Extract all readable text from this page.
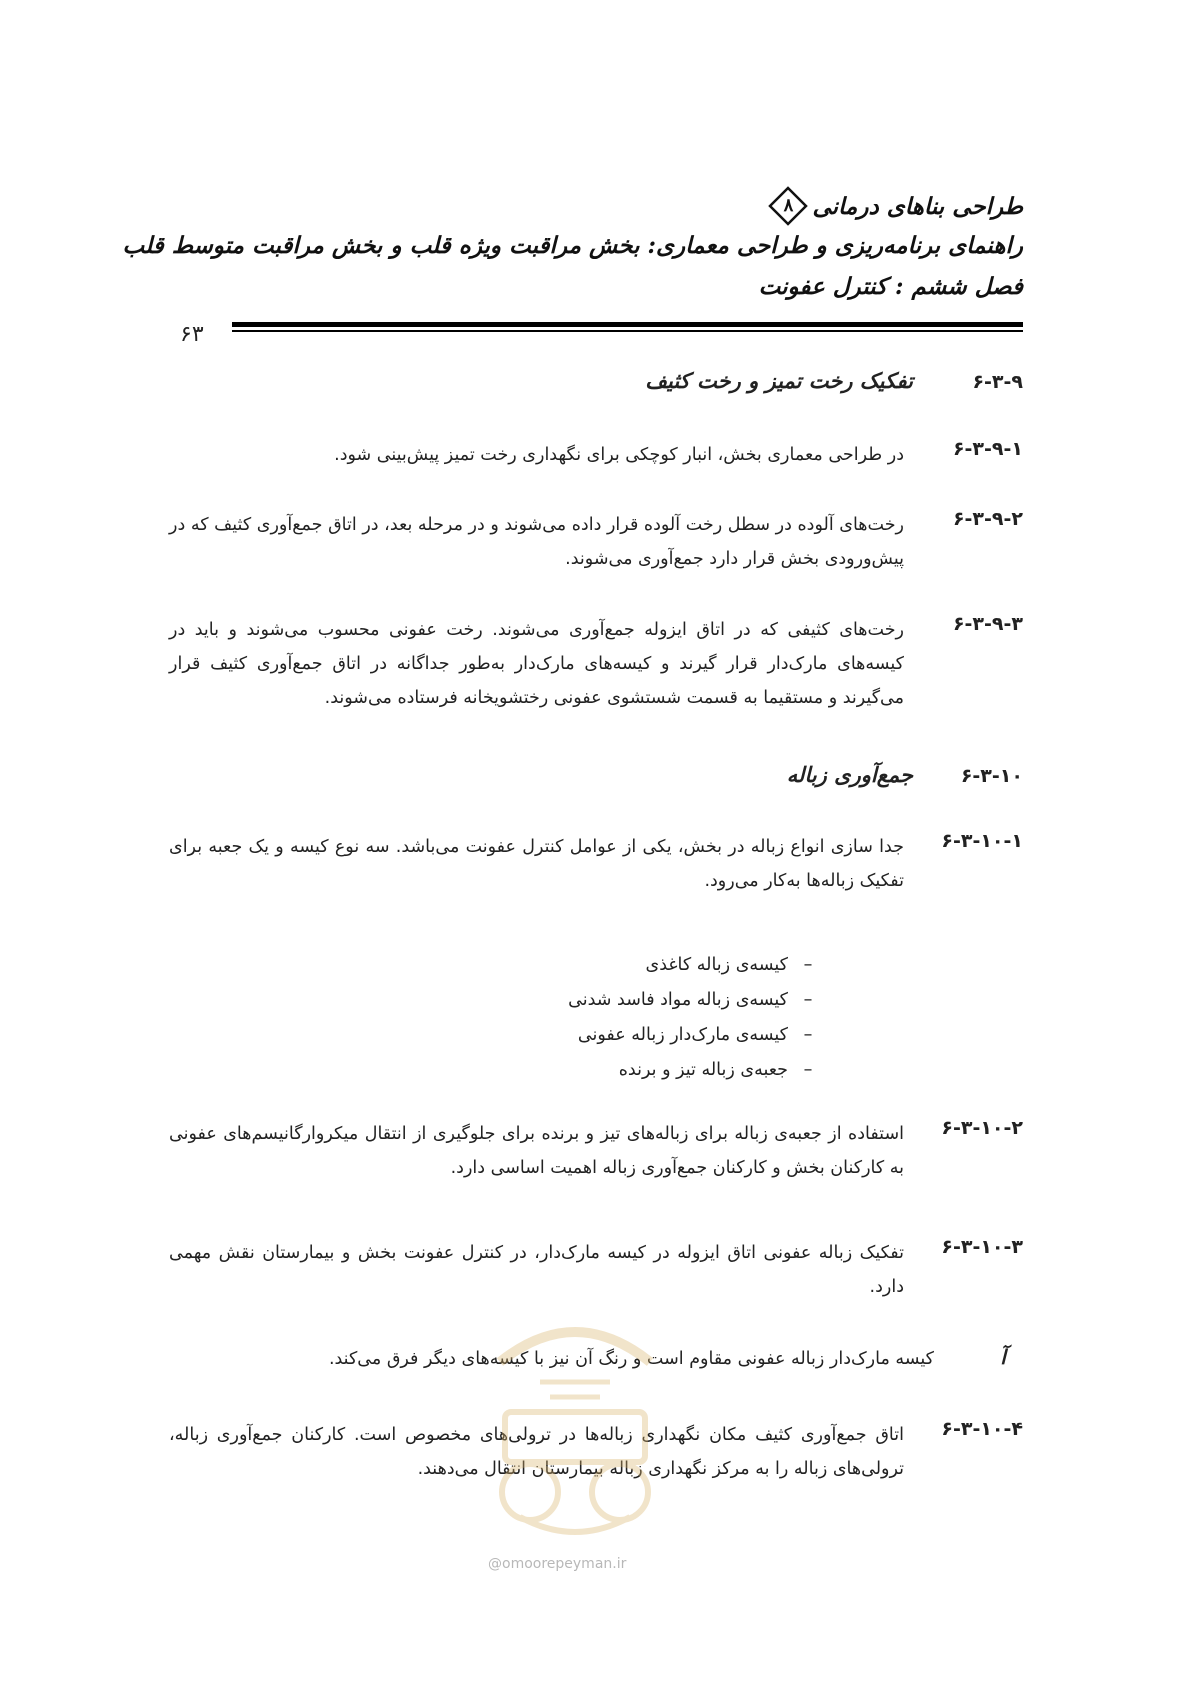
طراحی بناهای درمانی
۸
راهنمای برنامه‌ریزی و طراحی معماری: بخش مراقبت ویژه قلب و بخش مراقبت متوسط قلب
فصل ششم : کنترل عفونت
۶۳
۶-۳-۹
تفکیک رخت تمیز و رخت کثیف
۶-۳-۹-۱
در طراحی معماری بخش، انبار کوچکی برای نگهداری رخت تمیز پیش‌بینی شود.
۶-۳-۹-۲
رخت‌های آلوده در سطل رخت آلوده قرار داده می‌شوند و در مرحله بعد، در اتاق جمع‌آوری کثیف که در پیش‌ورودی بخش قرار دارد جمع‌آوری می‌شوند.
۶-۳-۹-۳
رخت‌های کثیفی که در اتاق ایزوله جمع‌آوری می‌شوند. رخت عفونی محسوب می‌شوند و باید در کیسه‌های مارک‌دار قرار گیرند و کیسه‌های مارک‌دار به‌طور جداگانه در اتاق جمع‌آوری کثیف قرار می‌گیرند و مستقیما به قسمت شستشوی عفونی رختشویخانه فرستاده می‌شوند.
۶-۳-۱۰
جمع‌آوری زباله
۶-۳-۱۰-۱
جدا سازی انواع زباله در بخش، یکی از عوامل کنترل عفونت می‌باشد. سه نوع کیسه و یک جعبه برای تفکیک زباله‌ها به‌کار می‌رود.
–کیسه‌ی زباله کاغذی
–کیسه‌ی زباله مواد فاسد شدنی
–کیسه‌ی مارک‌دار زباله عفونی
–جعبه‌ی زباله تیز و برنده
۶-۳-۱۰-۲
استفاده از جعبه‌ی زباله برای زباله‌های تیز و برنده برای جلوگیری از انتقال میکروارگانیسم‌های عفونی به کارکنان بخش و کارکنان جمع‌آوری زباله اهمیت اساسی دارد.
۶-۳-۱۰-۳
تفکیک زباله عفونی اتاق ایزوله در کیسه مارک‌دار، در کنترل عفونت بخش و بیمارستان نقش مهمی دارد.
آ
کیسه مارک‌دار زباله عفونی مقاوم است و رنگ آن نیز با کیسه‌های دیگر فرق می‌کند.
۶-۳-۱۰-۴
اتاق جمع‌آوری کثیف مکان نگهداری زباله‌ها در ترولی‌های مخصوص است. کارکنان جمع‌آوری زباله، ترولی‌های زباله را به مرکز نگهداری زباله بیمارستان انتقال می‌دهند.
@omoorepeyman.ir
